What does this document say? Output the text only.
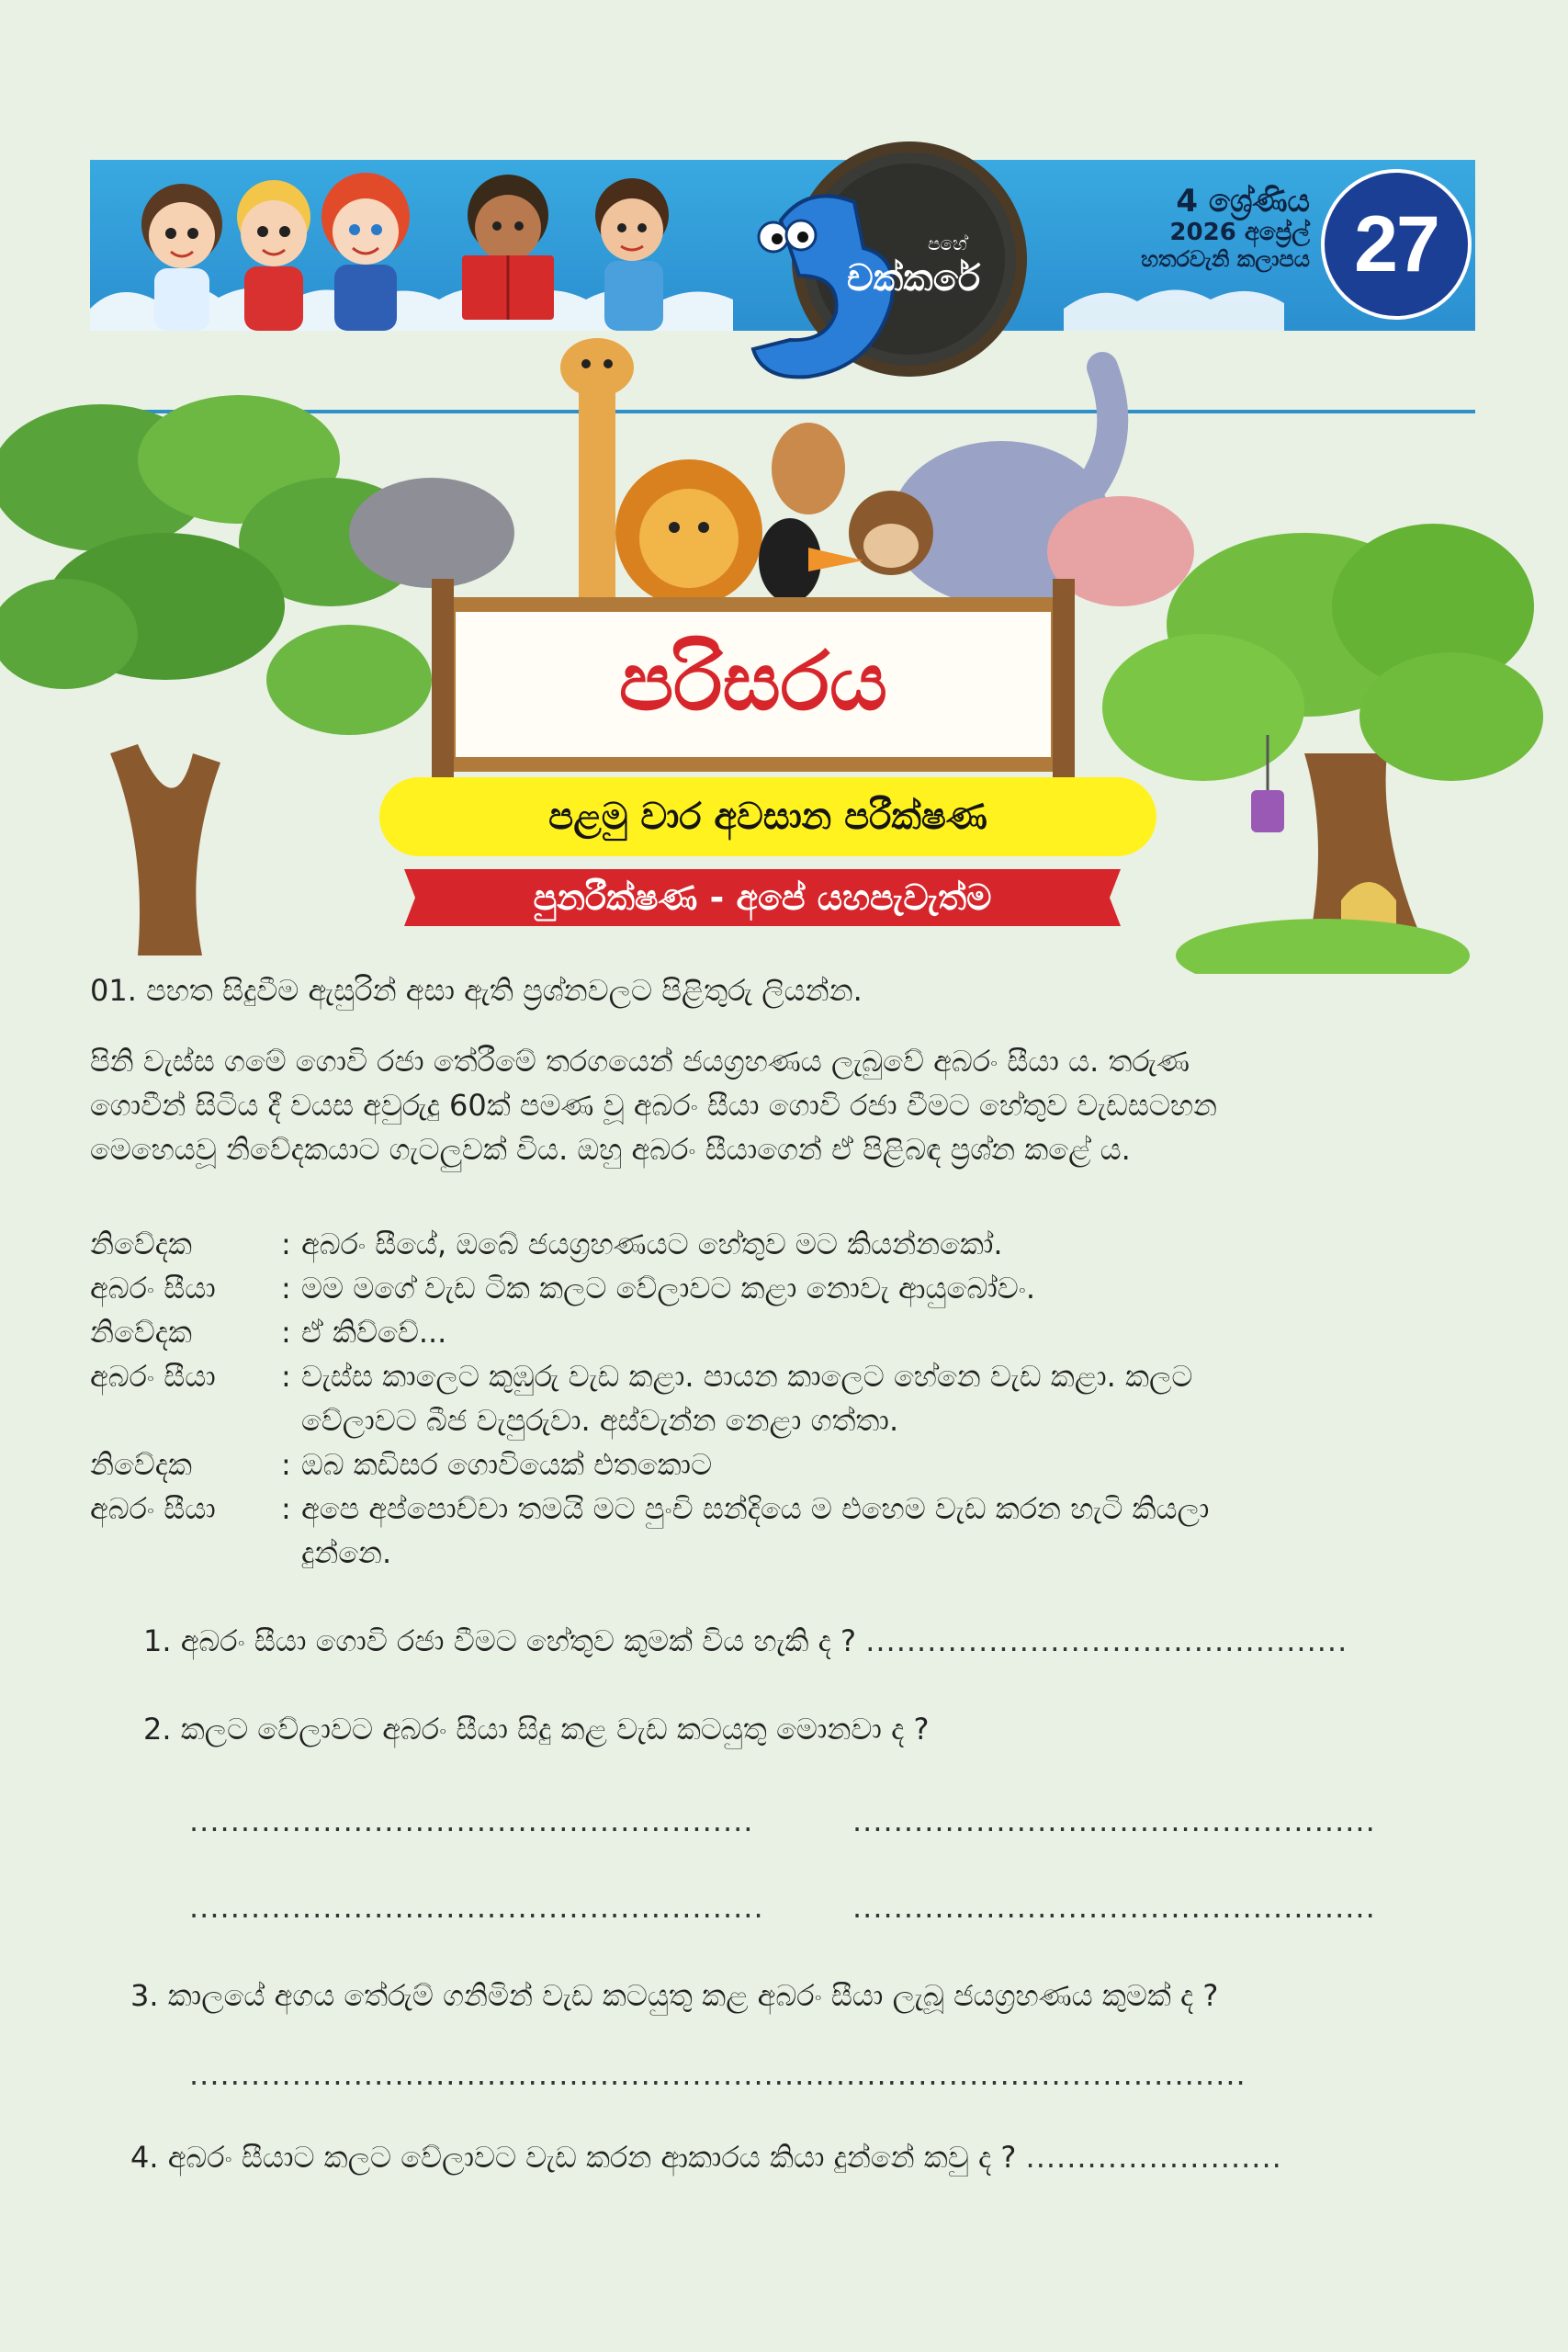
4 ශ්‍රේණිය
2026 අප්‍රේල්
හතරවැනි කලාපය
පහේ
චක්කරේ	27
පරිසරය
පළමු වාර අවසාන පරීක්ෂණ
පුනරීක්ෂණ - අපේ යහපැවැත්ම
01. පහත සිදුවීම ඇසුරින් අසා ඇති ප්‍රශ්නවලට පිළිතුරු ලියන්න.
පිනි වැස්ස ගමේ ගොවි රජා තේරීමේ තරගයෙන් ජයග්‍රහණය ලැබුවේ අබරං සීයා ය. තරුණ
ගොවීන් සිටිය දී වයස අවුරුදු 60ක් පමණ වූ අබරං සීයා ගොවි රජා වීමට හේතුව වැඩසටහන
මෙහෙයවූ නිවේදකයාට ගැටලුවක් විය. ඔහු අබරං සීයාගෙන් ඒ පිළිබඳ ප්‍රශ්න කළේ ය.
නිවේදක	: අබරං සීයේ, ඔබේ ජයග්‍රහණයට හේතුව මට කියන්නකෝ.
අබරං සීයා	: මම මගේ වැඩ ටික කලට වේලාවට කළා නොවැ ආයුබෝවං.
නිවේදක	: ඒ කිව්වේ...
අබරං සීයා	: වැස්ස කාලෙට කුඹුරු වැඩ කළා. පායන කාලෙට හේනෙ වැඩ කළා. කලට
වේලාවට බීජ වැපුරුවා. අස්වැන්න නෙළා ගත්තා.
නිවේදක	: ඔබ කඩිසර ගොවියෙක් එතකොට
අබරං සීයා	: අපෙ අප්පොච්චා තමයි මට පුංචි සන්දියෙ ම එහෙම වැඩ කරන හැටි කියලා
දුන්නෙ.
1. අබරං සීයා ගොවි රජා වීමට හේතුව කුමක් විය හැකි ද ? ...............................................
2. කලට වේලාවට අබරං සීයා සිදු කළ වැඩ කටයුතු මොනවා ද ?
.......................................................	...................................................
........................................................	...................................................
3. කාලයේ අගය තේරුම් ගනිමින් වැඩ කටයුතු කළ අබරං සීයා ලැබූ ජයග්‍රහණය කුමක් ද ?
.......................................................................................................
4. අබරං සීයාට කලට වේලාවට වැඩ කරන ආකාරය කියා දුන්නේ කවු ද ? .........................
